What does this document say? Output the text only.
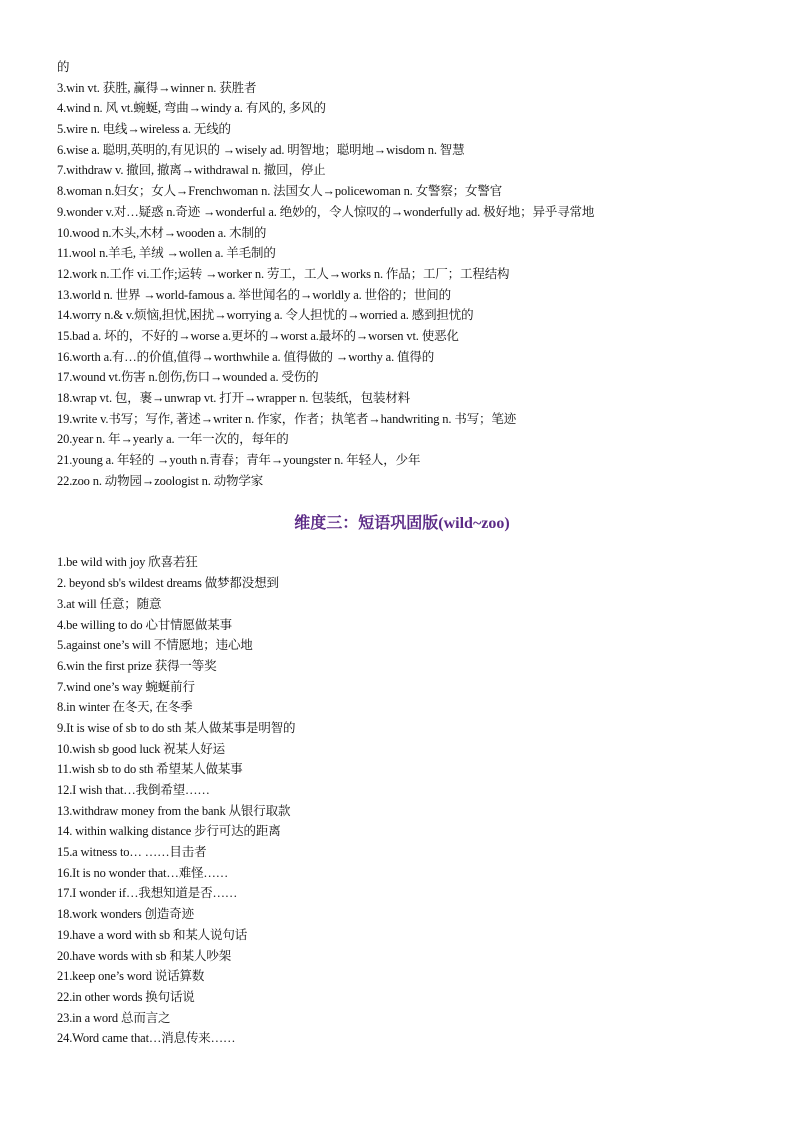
的
3.win vt. 获胜, 赢得→winner n. 获胜者
4.wind n. 风 vt.蜿蜒, 弯曲→windy a. 有风的, 多风的
5.wire n. 电线→wireless a. 无线的
6.wise a. 聪明,英明的,有见识的 →wisely ad. 明智地；聪明地→wisdom n. 智慧
7.withdraw v. 撤回, 撤离→withdrawal n. 撤回，停止
8.woman n.妇女；女人→Frenchwoman n. 法国女人→policewoman n. 女警察；女警官
9.wonder v.对…疑惑 n.奇迹 →wonderful a. 绝妙的，令人惊叹的→wonderfully ad. 极好地；异乎寻常地
10.wood n.木头,木材→wooden a. 木制的
11.wool n.羊毛, 羊绒 →wollen a. 羊毛制的
12.work n.工作 vi.工作;运转 →worker n. 劳工，工人→works n. 作品；工厂；工程结构
13.world n. 世界 →world-famous a. 举世闻名的→worldly a. 世俗的；世间的
14.worry n.& v.烦恼,担忧,困扰→worrying a. 令人担忧的→worried a. 感到担忧的
15.bad a. 坏的，不好的→worse a.更坏的→worst a.最坏的→worsen vt. 使恶化
16.worth a.有…的价值,值得→worthwhile a. 值得做的 →worthy a. 值得的
17.wound vt.伤害 n.创伤,伤口→wounded a. 受伤的
18.wrap vt. 包，裹→unwrap vt. 打开→wrapper n. 包装纸，包装材料
19.write v.书写；写作, 著述→writer n. 作家，作者；执笔者→handwriting n. 书写；笔迹
20.year n. 年→yearly a. 一年一次的，每年的
21.young a. 年轻的 →youth n.青春；青年→youngster n. 年轻人，少年
22.zoo n. 动物园→zoologist n. 动物学家
维度三：短语巩固版(wild~zoo)
1.be wild with joy 欣喜若狂
2. beyond sb's wildest dreams 做梦都没想到
3.at will 任意；随意
4.be willing to do 心甘情愿做某事
5.against one’s will 不情愿地；违心地
6.win the first prize 获得一等奖
7.wind one’s way 蜿蜒前行
8.in winter 在冬天, 在冬季
9.It is wise of sb to do sth 某人做某事是明智的
10.wish sb good luck 祝某人好运
11.wish sb to do sth 希望某人做某事
12.I wish that…我倒希望……
13.withdraw money from the bank 从银行取款
14. within walking distance 步行可达的距离
15.a witness to… ……目击者
16.It is no wonder that…难怪……
17.I wonder if…我想知道是否……
18.work wonders 创造奇迹
19.have a word with sb 和某人说句话
20.have words with sb 和某人吵架
21.keep one’s word 说话算数
22.in other words 换句话说
23.in a word 总而言之
24.Word came that…消息传来……
